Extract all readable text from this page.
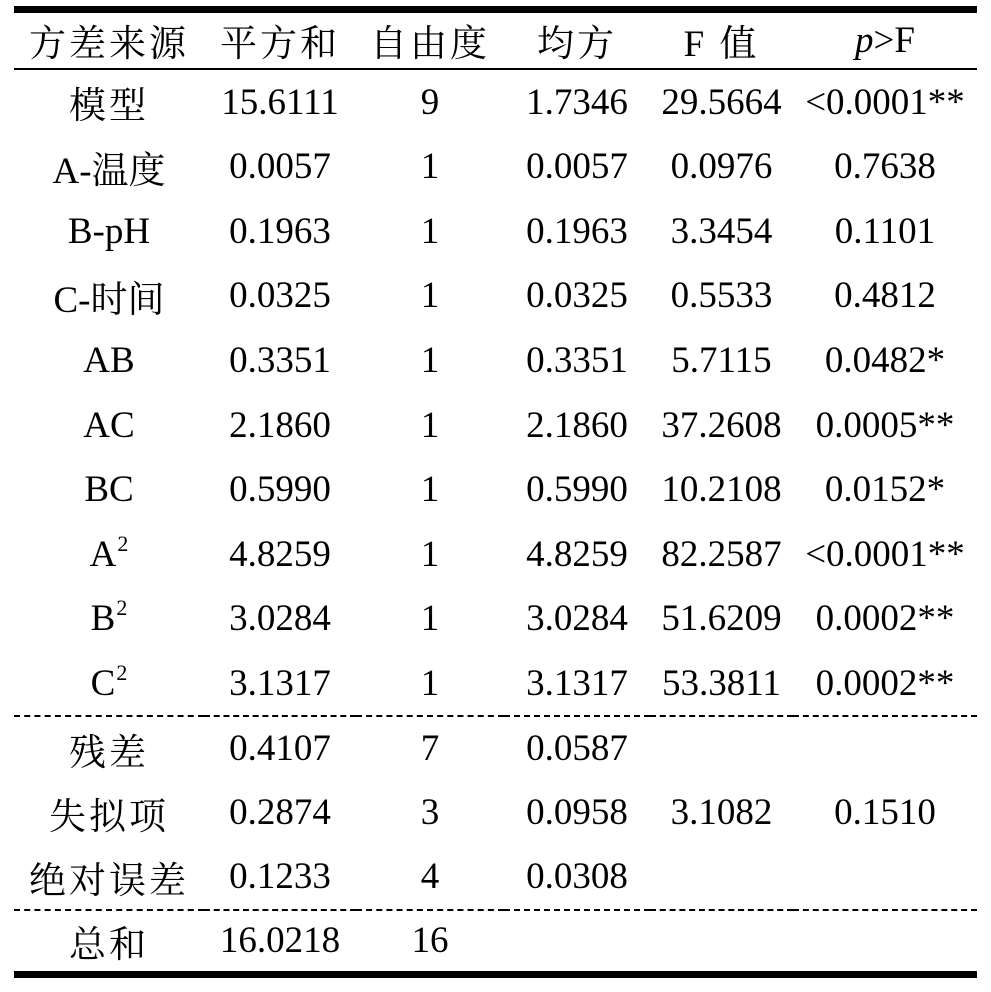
方差来源	平方和	自由度	均方	F 值	p>F
模型	15.6111	9	1.7346	29.5664	<0.0001**
A-温度	0.0057	1	0.0057	0.0976	0.7638
B-pH	0.1963	1	0.1963	3.3454	0.1101
C-时间	0.0325	1	0.0325	0.5533	0.4812
AB	0.3351	1	0.3351	5.7115	0.0482*
AC	2.1860	1	2.1860	37.2608	0.0005**
BC	0.5990	1	0.5990	10.2108	0.0152*
$A^2$	4.8259	1	4.8259	82.2587	<0.0001**
$B^2$	3.0284	1	3.0284	51.6209	0.0002**
$C^2$	3.1317	1	3.1317	53.3811	0.0002**
残差	0.4107	7	0.0587		
失拟项	0.2874	3	0.0958	3.1082	0.1510
绝对误差	0.1233	4	0.0308		
总和	16.0218	16			
